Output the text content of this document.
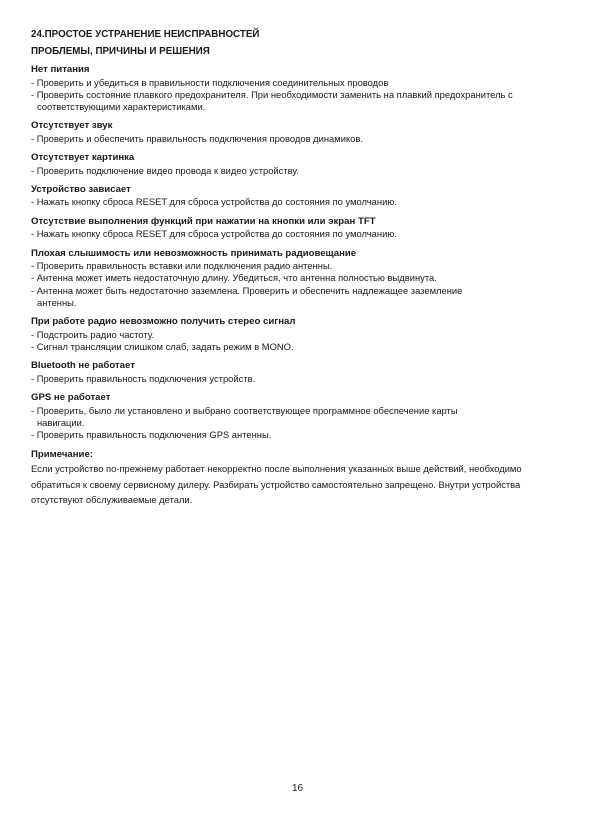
24.ПРОСТОЕ УСТРАНЕНИЕ НЕИСПРАВНОСТЕЙ
ПРОБЛЕМЫ, ПРИЧИНЫ И РЕШЕНИЯ
Нет питания
- Проверить и убедиться в правильности подключения соединительных проводов
- Проверить состояние плавкого предохранителя. При необходимости заменить на плавкий предохранитель с соответствующими характеристиками.
Отсутствует звук
- Проверить и обеспечить правильность подключения проводов динамиков.
Отсутствует картинка
- Проверить подключение видео провода к видео устройству.
Устройство зависает
- Нажать кнопку сброса RESET для сброса устройства до состояния по умолчанию.
Отсутствие выполнения функций при нажатии на кнопки или экран TFT
- Нажать кнопку сброса RESET для сброса устройства до состояния по умолчанию.
Плохая слышимость или невозможность принимать радиовещание
- Проверить правильность вставки или подключения радио антенны.
- Антенна может иметь недостаточную длину. Убедиться, что антенна полностью выдвинута.
- Антенна может быть недостаточно заземлена. Проверить и обеспечить надлежащее заземление антенны.
При работе радио невозможно получить стерео сигнал
- Подстроить радио частоту.
- Сигнал трансляции слишком слаб, задать режим в MONO.
Bluetooth не работает
- Проверить правильность подключения устройств.
GPS не работает
- Проверить, было ли установлено и выбрано соответствующее программное обеспечение карты навигации.
- Проверить правильность подключения GPS антенны.
Примечание:
Если устройство по-прежнему работает некорректно после выполнения указанных выше действий, необходимо обратиться к своему сервисному дилеру. Разбирать устройство самостоятельно запрещено. Внутри устройства отсутствуют обслуживаемые детали.
16
